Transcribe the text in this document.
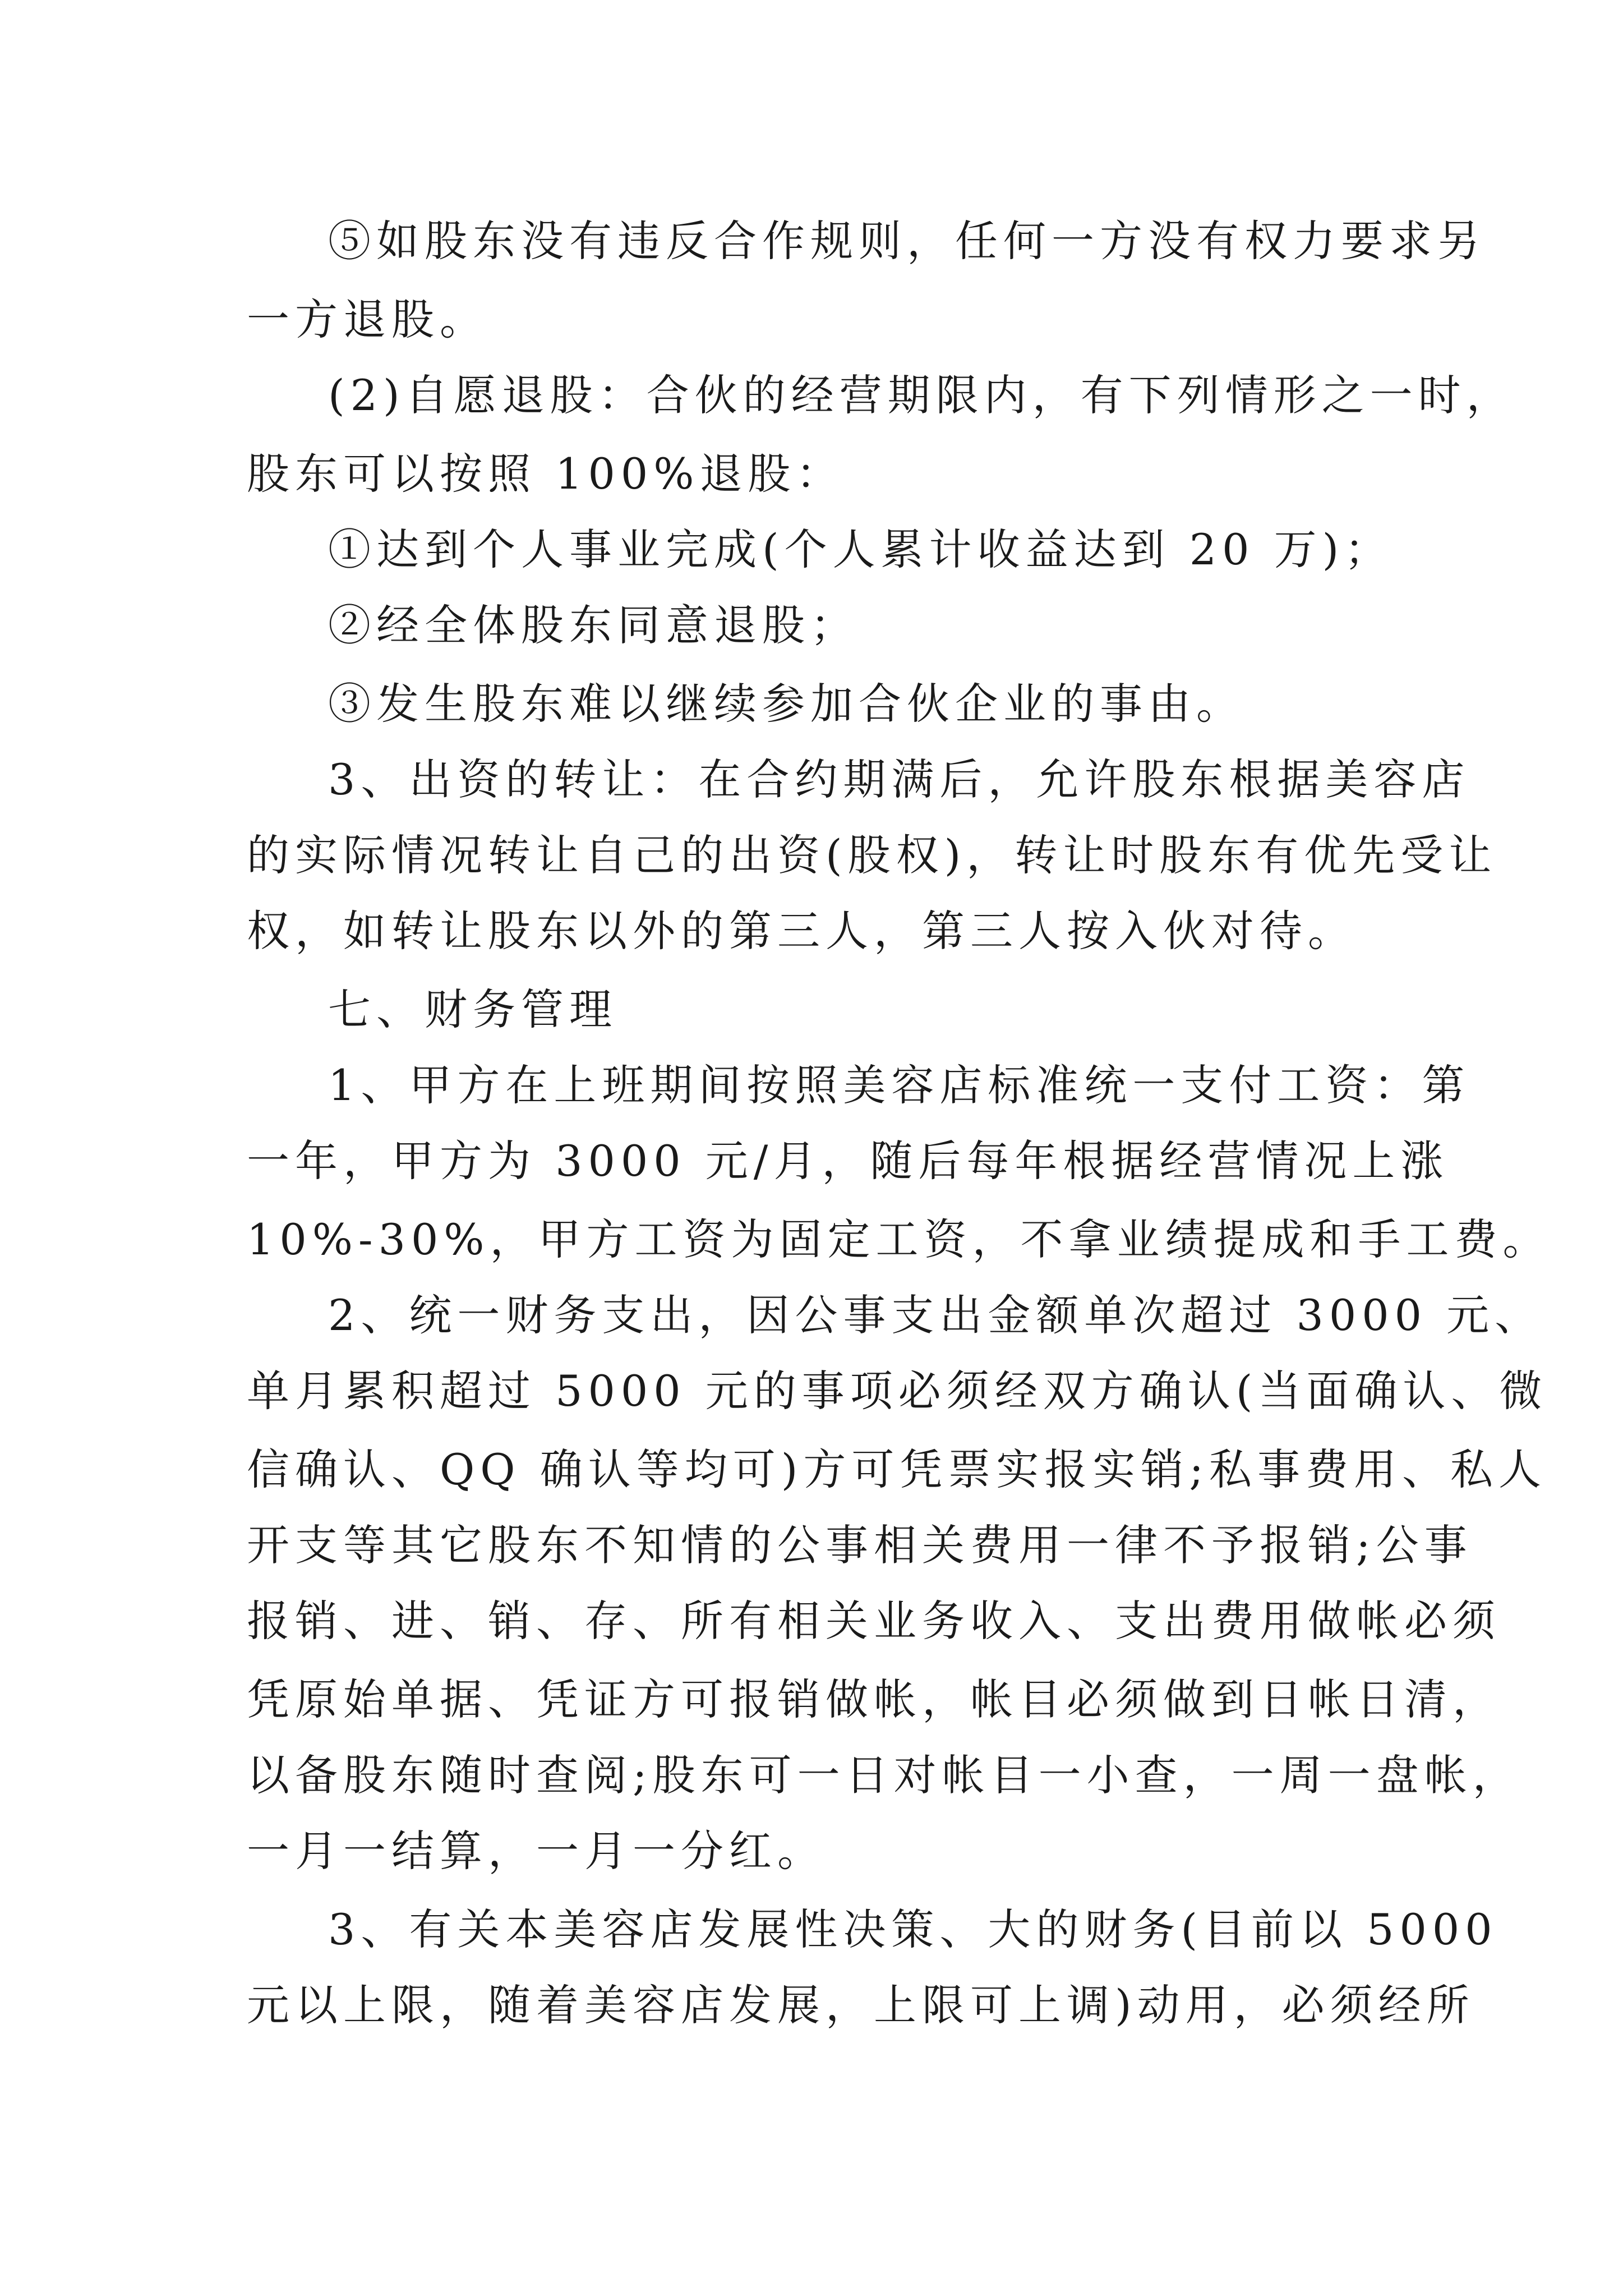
⑤如股东没有违反合作规则，任何一方没有权力要求另
一方退股。
(2)自愿退股：合伙的经营期限内，有下列情形之一时，
股东可以按照 100%退股：
①达到个人事业完成(个人累计收益达到 20 万)；
②经全体股东同意退股；
③发生股东难以继续参加合伙企业的事由。
3、出资的转让：在合约期满后，允许股东根据美容店
的实际情况转让自己的出资(股权)，转让时股东有优先受让
权，如转让股东以外的第三人，第三人按入伙对待。
七、财务管理
1、甲方在上班期间按照美容店标准统一支付工资：第
一年，甲方为 3000 元/月，随后每年根据经营情况上涨
10%-30%，甲方工资为固定工资，不拿业绩提成和手工费。
2、统一财务支出，因公事支出金额单次超过 3000 元、
单月累积超过 5000 元的事项必须经双方确认(当面确认、微
信确认、QQ 确认等均可)方可凭票实报实销;私事费用、私人
开支等其它股东不知情的公事相关费用一律不予报销;公事
报销、进、销、存、所有相关业务收入、支出费用做帐必须
凭原始单据、凭证方可报销做帐，帐目必须做到日帐日清，
以备股东随时查阅;股东可一日对帐目一小查，一周一盘帐，
一月一结算，一月一分红。
3、有关本美容店发展性决策、大的财务(目前以 5000
元以上限，随着美容店发展，上限可上调)动用，必须经所
